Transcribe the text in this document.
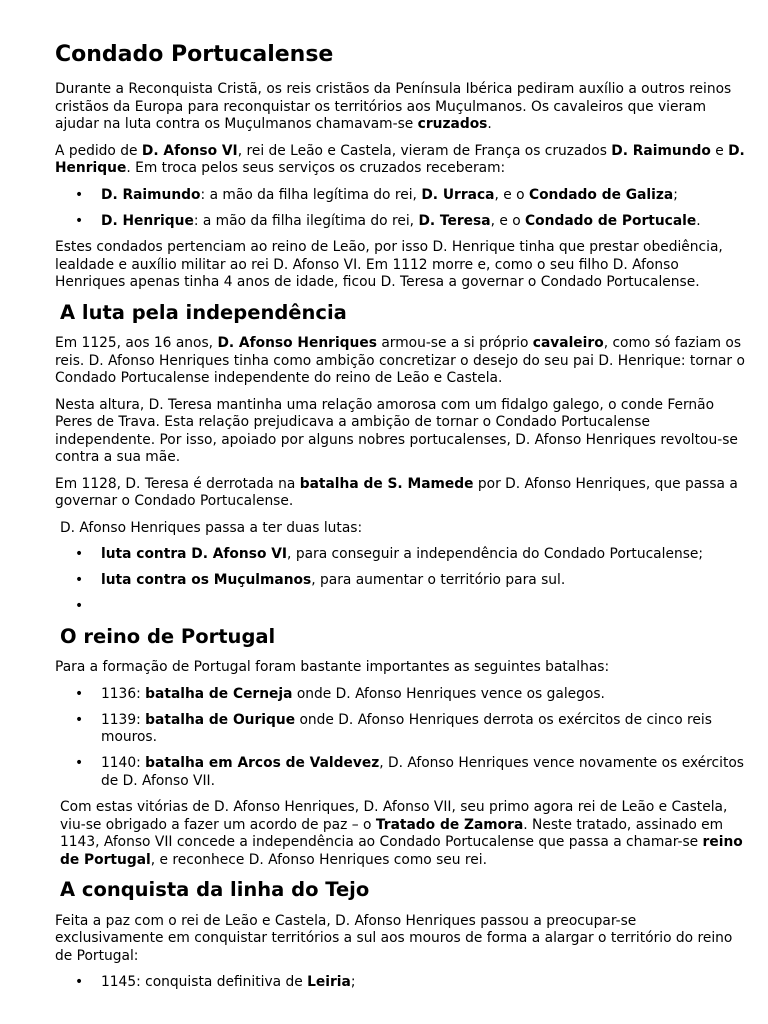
Condado Portucalense

Durante a Reconquista Cristã, os reis cristãos da Península Ibérica pediram auxílio a outros reinos cristãos da Europa para reconquistar os territórios aos Muçulmanos. Os cavaleiros que vieram ajudar na luta contra os Muçulmanos chamavam-se cruzados.

A pedido de D. Afonso VI, rei de Leão e Castela, vieram de França os cruzados D. Raimundo e D. Henrique. Em troca pelos seus serviços os cruzados receberam:

• D. Raimundo: a mão da filha legítima do rei, D. Urraca, e o Condado de Galiza;
• D. Henrique: a mão da filha ilegítima do rei, D. Teresa, e o Condado de Portucale.

Estes condados pertenciam ao reino de Leão, por isso D. Henrique tinha que prestar obediência, lealdade e auxílio militar ao rei D. Afonso VI. Em 1112 morre e, como o seu filho D. Afonso Henriques apenas tinha 4 anos de idade, ficou D. Teresa a governar o Condado Portucalense.

A luta pela independência

Em 1125, aos 16 anos, D. Afonso Henriques armou-se a si próprio cavaleiro, como só faziam os reis. D. Afonso Henriques tinha como ambição concretizar o desejo do seu pai D. Henrique: tornar o Condado Portucalense independente do reino de Leão e Castela.

Nesta altura, D. Teresa mantinha uma relação amorosa com um fidalgo galego, o conde Fernão Peres de Trava. Esta relação prejudicava a ambição de tornar o Condado Portucalense independente. Por isso, apoiado por alguns nobres portucalenses, D. Afonso Henriques revoltou-se contra a sua mãe.

Em 1128, D. Teresa é derrotada na batalha de S. Mamede por D. Afonso Henriques, que passa a governar o Condado Portucalense.

D. Afonso Henriques passa a ter duas lutas:

• luta contra D. Afonso VI, para conseguir a independência do Condado Portucalense;
• luta contra os Muçulmanos, para aumentar o território para sul.
•
O reino de Portugal

Para a formação de Portugal foram bastante importantes as seguintes batalhas:

• 1136: batalha de Cerneja onde D. Afonso Henriques vence os galegos.
• 1139: batalha de Ourique onde D. Afonso Henriques derrota os exércitos de cinco reis mouros.
• 1140: batalha em Arcos de Valdevez, D. Afonso Henriques vence novamente os exércitos de D. Afonso VII.

Com estas vitórias de D. Afonso Henriques, D. Afonso VII, seu primo agora rei de Leão e Castela, viu-se obrigado a fazer um acordo de paz – o Tratado de Zamora. Neste tratado, assinado em 1143, Afonso VII concede a independência ao Condado Portucalense que passa a chamar-se reino de Portugal, e reconhece D. Afonso Henriques como seu rei.

A conquista da linha do Tejo

Feita a paz com o rei de Leão e Castela, D. Afonso Henriques passou a preocupar-se exclusivamente em conquistar territórios a sul aos mouros de forma a alargar o território do reino de Portugal:

• 1145: conquista definitiva de Leiria;
